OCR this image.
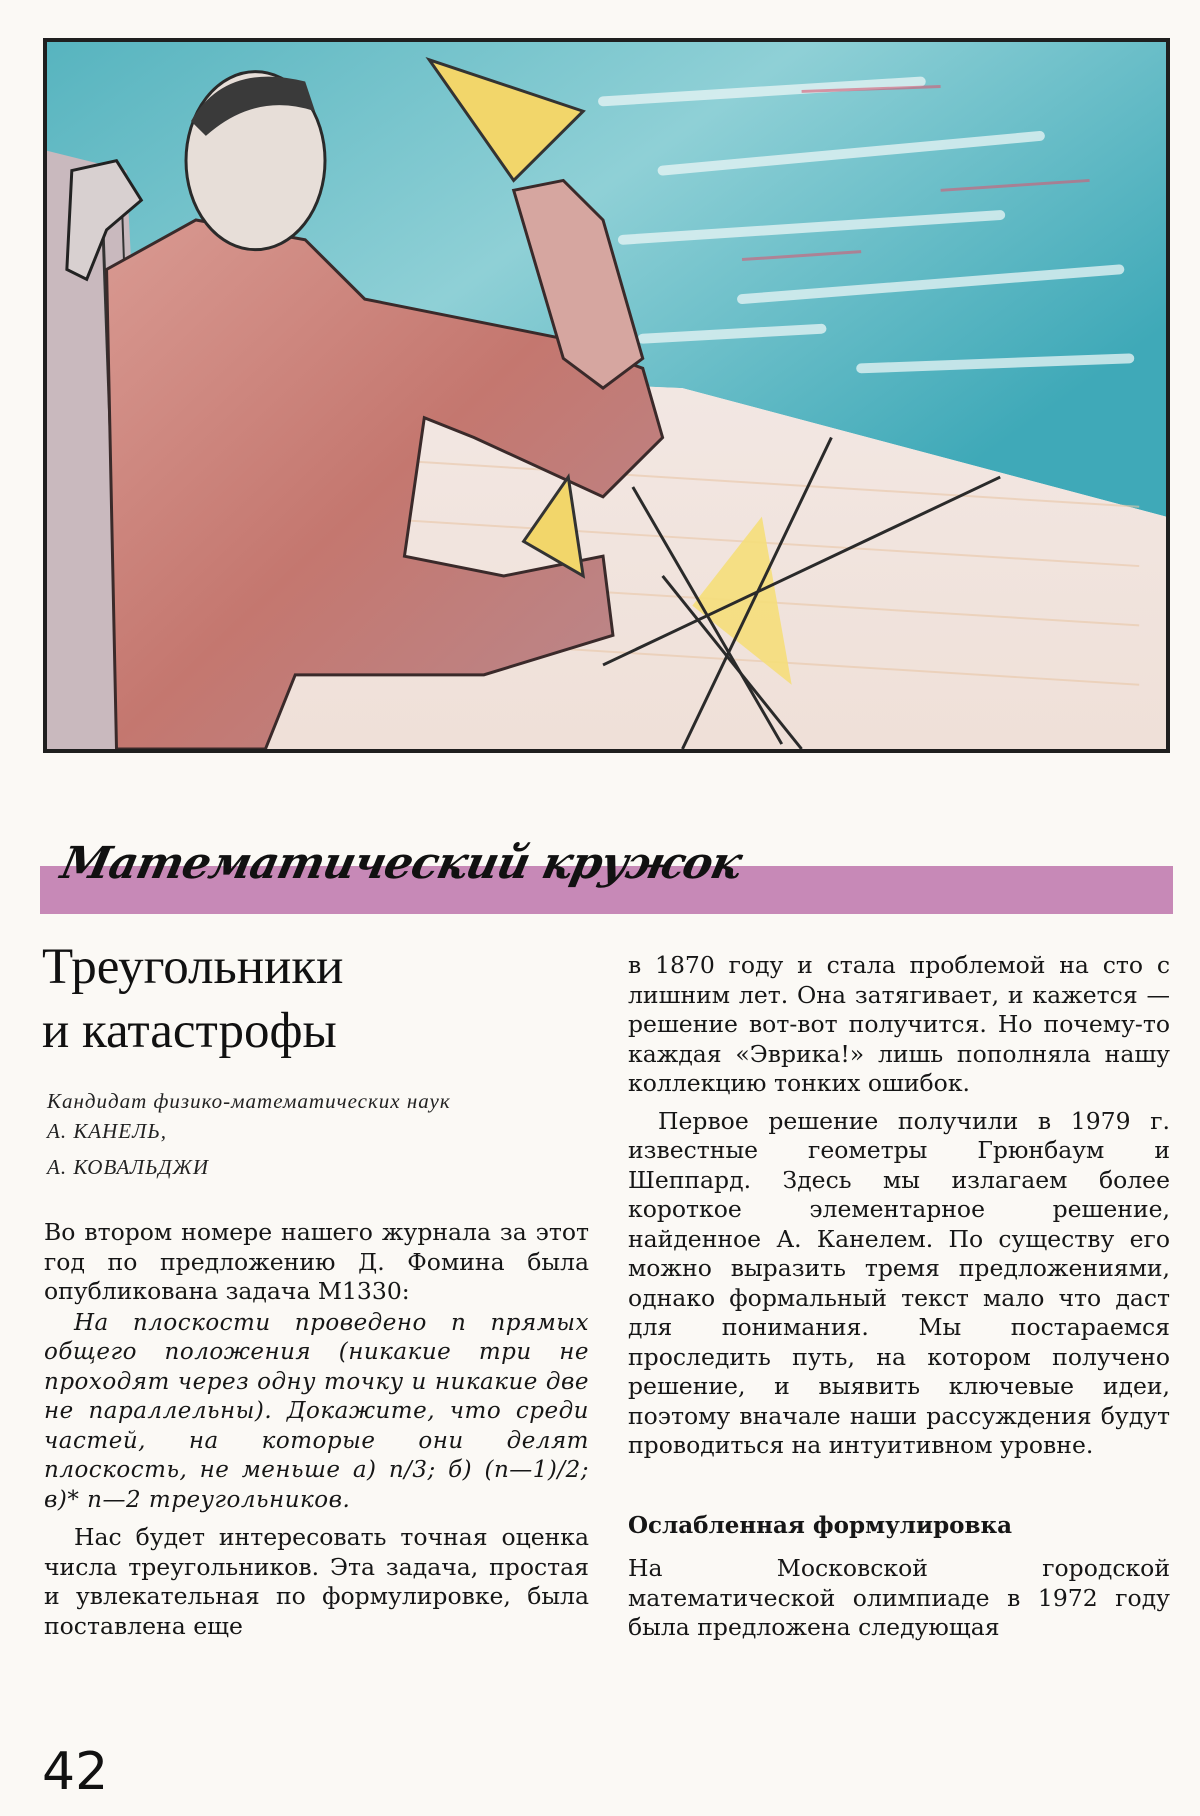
Математический кружок
Треугольники
и катастрофы
Кандидат физико-математических наук
А. КАНЕЛЬ,
А. КОВАЛЬДЖИ

Во втором номере нашего журнала за этот год по предложению Д. Фомина была опубликована задача М1330:

На плоскости проведено n прямых общего положения (никакие три не проходят через одну точку и никакие две не параллельны). Докажите, что среди частей, на которые они делят плоскость, не меньше а) n/3; б) (n—1)/2; в)* n—2 треугольников.

Нас будет интересовать точная оценка числа треугольников. Эта задача, простая и увлекательная по формулировке, была поставлена еще

в 1870 году и стала проблемой на сто с лишним лет. Она затягивает, и кажется — решение вот-вот получится. Но почему-то каждая «Эврика!» лишь пополняла нашу коллекцию тонких ошибок.

Первое решение получили в 1979 г. известные геометры Грюнбаум и Шеппард. Здесь мы излагаем более короткое элементарное решение, найденное А. Канелем. По существу его можно выразить тремя предложениями, однако формальный текст мало что даст для понимания. Мы постараемся проследить путь, на котором получено решение, и выявить ключевые идеи, поэтому вначале наши рассуждения будут проводиться на интуитивном уровне.

Ослабленная формулировка

На Московской городской математической олимпиаде в 1972 году была предложена следующая

42
